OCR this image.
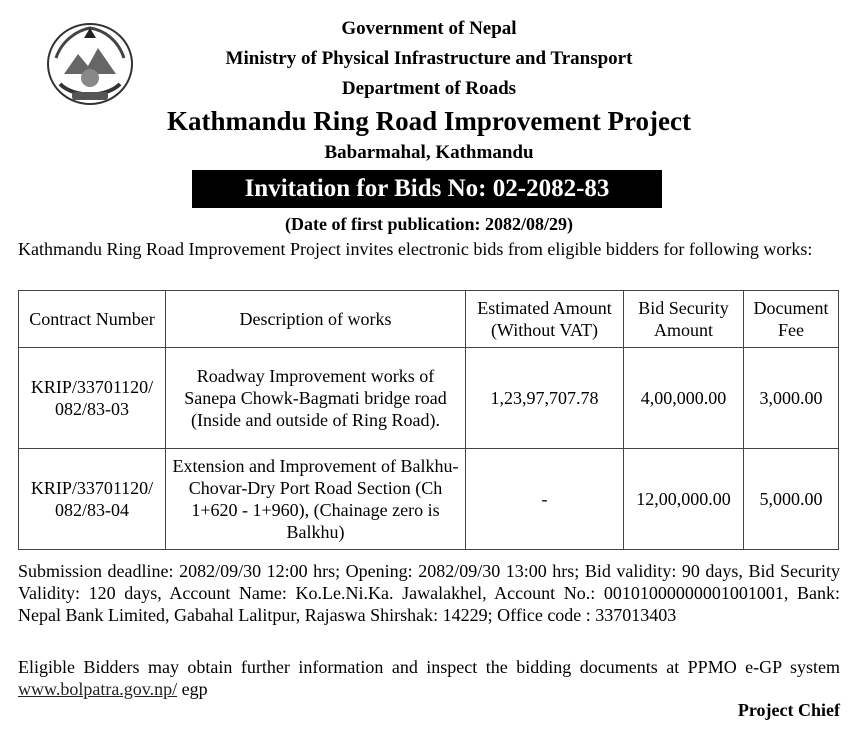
Government of Nepal
Ministry of Physical Infrastructure and Transport
Department of Roads
Kathmandu Ring Road Improvement Project
Babarmahal, Kathmandu
Invitation for Bids No: 02-2082-83
(Date of first publication: 2082/08/29)
Kathmandu Ring Road Improvement Project invites electronic bids from eligible bidders for following works:
Contract Number	Description of works	Estimated Amount (Without VAT)	Bid Security Amount	Document Fee
KRIP/33701120/ 082/83-03	Roadway Improvement works of Sanepa Chowk-Bagmati bridge road (Inside and outside of Ring Road).	1,23,97,707.78	4,00,000.00	3,000.00
KRIP/33701120/ 082/83-04	Extension and Improvement of Balkhu-Chovar-Dry Port Road Section (Ch 1+620 - 1+960), (Chainage zero is Balkhu)	-	12,00,000.00	5,000.00
Submission deadline: 2082/09/30 12:00 hrs; Opening: 2082/09/30 13:00 hrs; Bid validity: 90 days, Bid Security Validity: 120 days, Account Name: Ko.Le.Ni.Ka. Jawalakhel, Account No.: 00101000000001001001, Bank: Nepal Bank Limited, Gabahal Lalitpur, Rajaswa Shirshak: 14229; Office code : 337013403
Eligible Bidders may obtain further information and inspect the bidding documents at PPMO e-GP system www.bolpatra.gov.np/ egp
Project Chief
